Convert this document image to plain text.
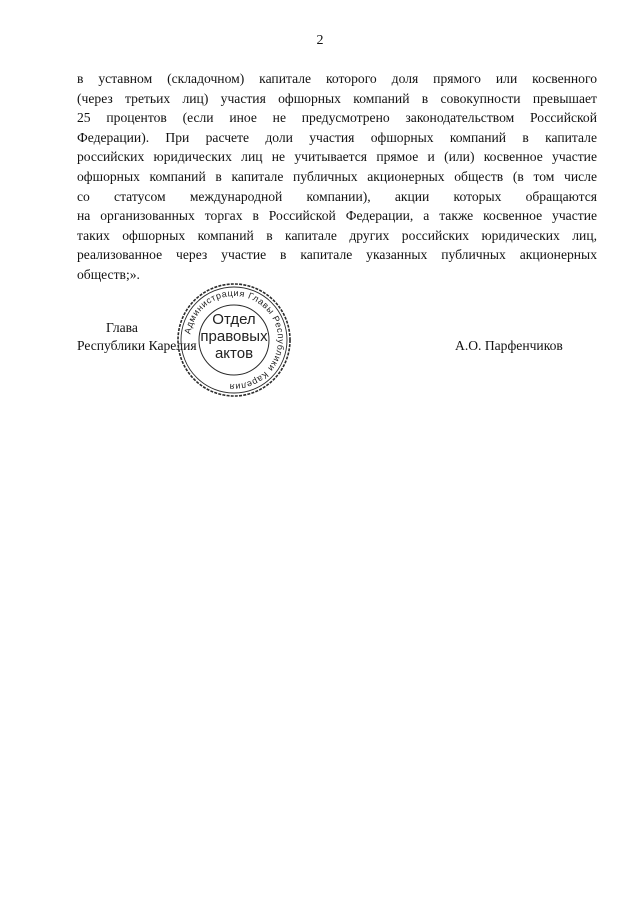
2
в уставном (складочном) капитале которого доля прямого или косвенного
(через третьих лиц) участия офшорных компаний в совокупности превышает
25 процентов (если иное не предусмотрено законодательством Российской
Федерации). При расчете доли участия офшорных компаний в капитале
российских юридических лиц не учитывается прямое и (или) косвенное участие
офшорных компаний в капитале публичных акционерных обществ (в том числе
со статусом международной компании), акции которых обращаются
на организованных торгах в Российской Федерации, а также косвенное участие
таких офшорных компаний в капитале других российских юридических лиц,
реализованное через участие в капитале указанных публичных акционерных
обществ;».
Глава
Республики Карелия	А.О. Парфенчиков
Администрация Главы Республики Карелия
Отдел
правовых
актов
